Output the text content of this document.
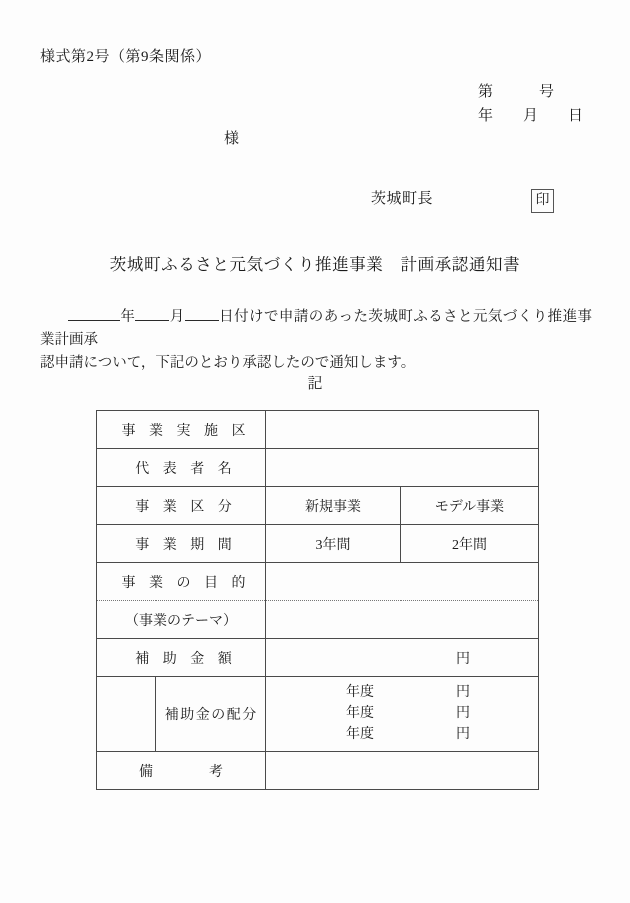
様式第2号（第9条関係）

第	号

年 月 日

様
茨城町長	印
茨城町ふるさと元気づくり推進事業　計画承認通知書
年 月 日付けで申請のあった茨城町ふるさと元気づくり推進事業計画承
認申請について，下記のとおり承認したので通知します。
記
事 業 実 施 区			
代 表 者 名			
事 業 区 分		新規事業	モデル事業
事 業 期 間		3年間	2年間
事 業 の 目 的			
（事業のテーマ）			
補 助 金 額		円	

	補助金の配分	
年度	円
年度	円
年度	円

備　　　　考			
